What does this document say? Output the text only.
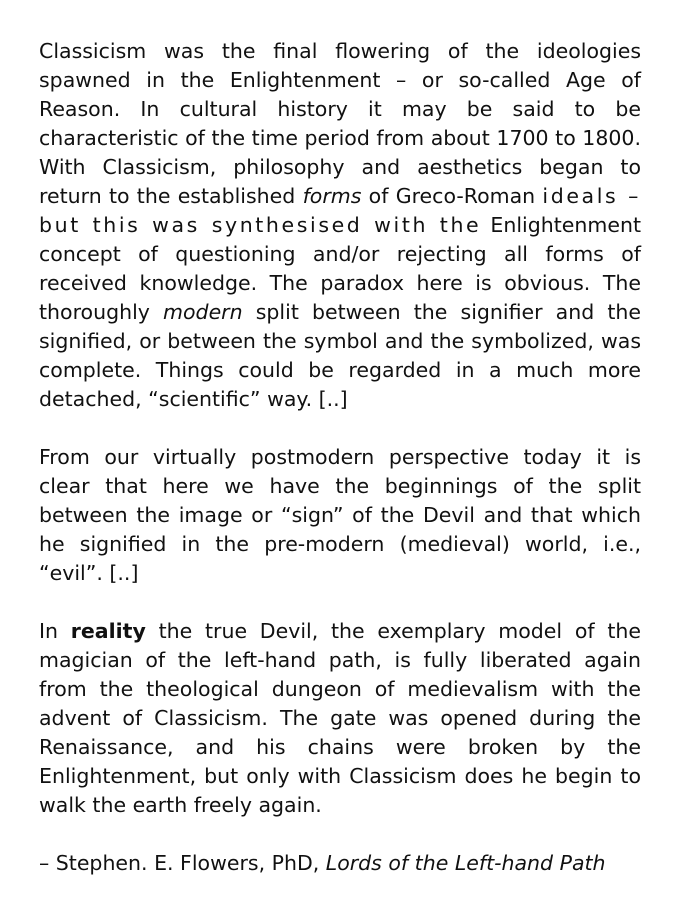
Classicism was the final flowering of the ideologies spawned in the Enlightenment – or so-called Age of Reason. In cultural history it may be said to be characteristic of the time period from about 1700 to 1800. With Classicism, philosophy and aesthetics began to return to the established forms of Greco-Roman ideals – but this was synthesised with the Enlightenment concept of questioning and/or rejecting all forms of received knowledge. The paradox here is obvious. The thoroughly modern split between the signifier and the signified, or between the symbol and the symbolized, was complete. Things could be regarded in a much more detached, “scientific” way. [..]

From our virtually postmodern perspective today it is clear that here we have the beginnings of the split between the image or “sign” of the Devil and that which he signified in the pre-modern (medieval) world, i.e., “evil”. [..]

In reality the true Devil, the exemplary model of the magician of the left-hand path, is fully liberated again from the theological dungeon of medievalism with the advent of Classicism. The gate was opened during the Renaissance, and his chains were broken by the Enlightenment, but only with Classicism does he begin to walk the earth freely again.

– Stephen. E. Flowers, PhD, Lords of the Left-hand Path
